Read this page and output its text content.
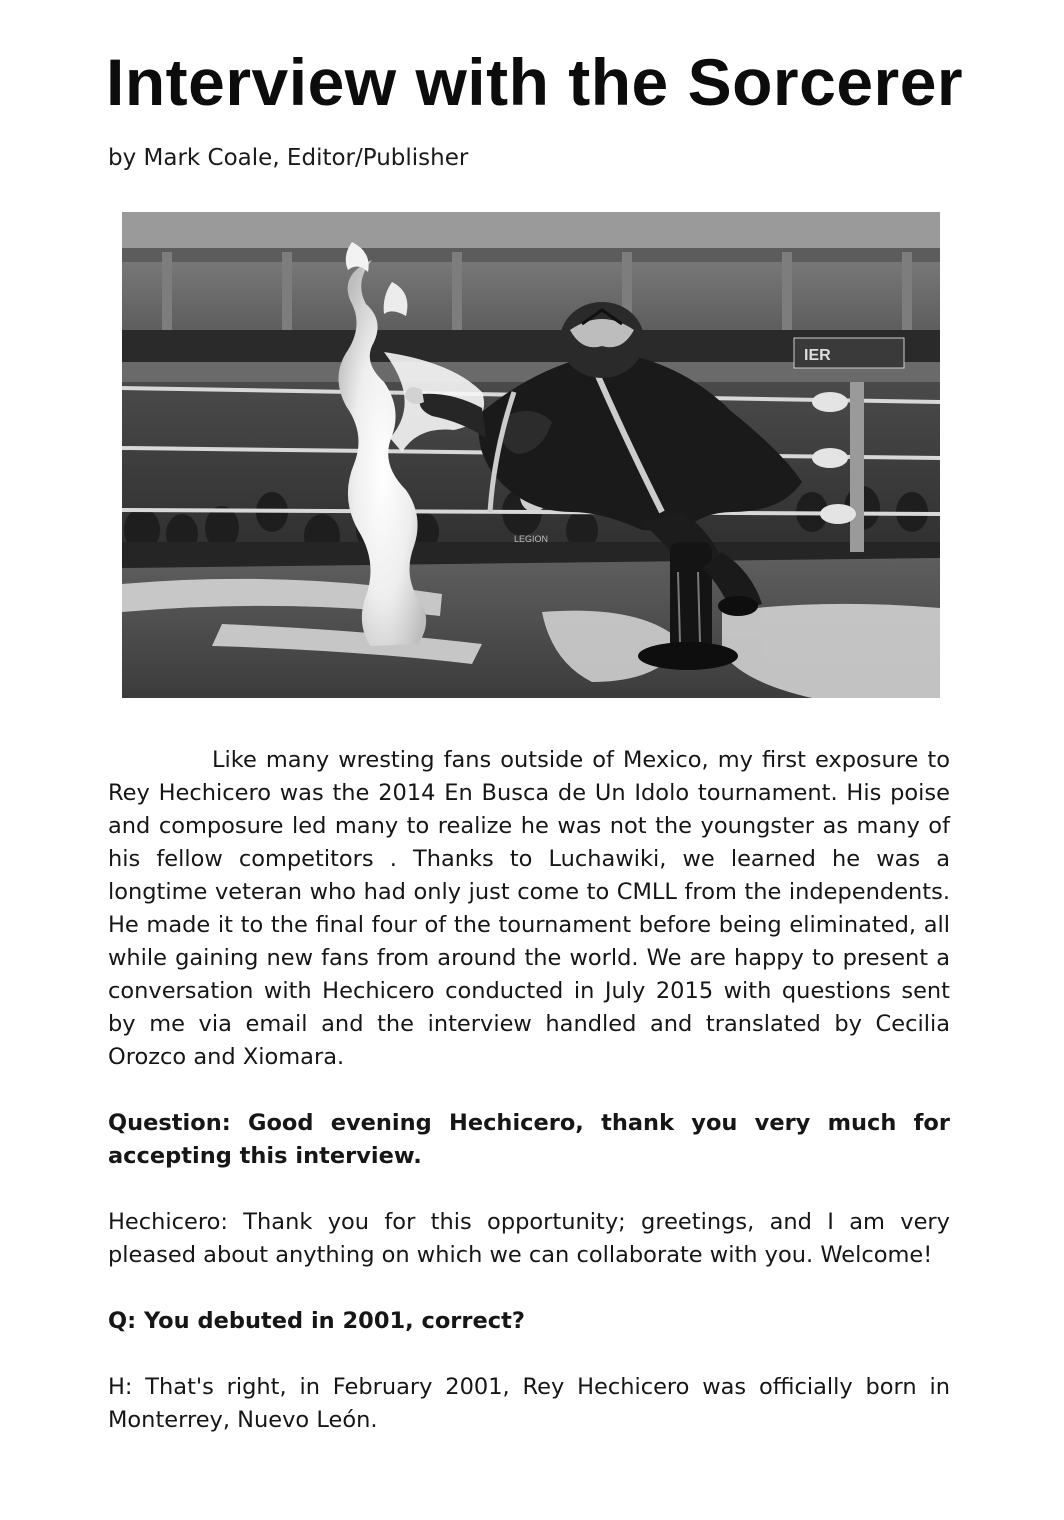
Interview with the Sorcerer
by Mark Coale, Editor/Publisher
IER
LEGION

Like many wresting fans outside of Mexico, my first exposure to Rey Hechicero was the 2014 En Busca de Un Idolo tournament. His poise and composure led many to realize he was not the youngster as many of his fellow competitors . Thanks to Luchawiki, we learned he was a longtime veteran who had only just come to CMLL from the independents. He made it to the final four of the tournament before being eliminated, all while gaining new fans from around the world. We are happy to present a conversation with Hechicero conducted in July 2015 with questions sent by me via email and the interview handled and translated by Cecilia Orozco and Xiomara.

Question: Good evening Hechicero, thank you very much for accepting this interview.

Hechicero: Thank you for this opportunity; greetings, and I am very pleased about anything on which we can collaborate with you. Welcome!

Q: You debuted in 2001, correct?

H: That's right, in February 2001, Rey Hechicero was officially born in Monterrey, Nuevo León.
